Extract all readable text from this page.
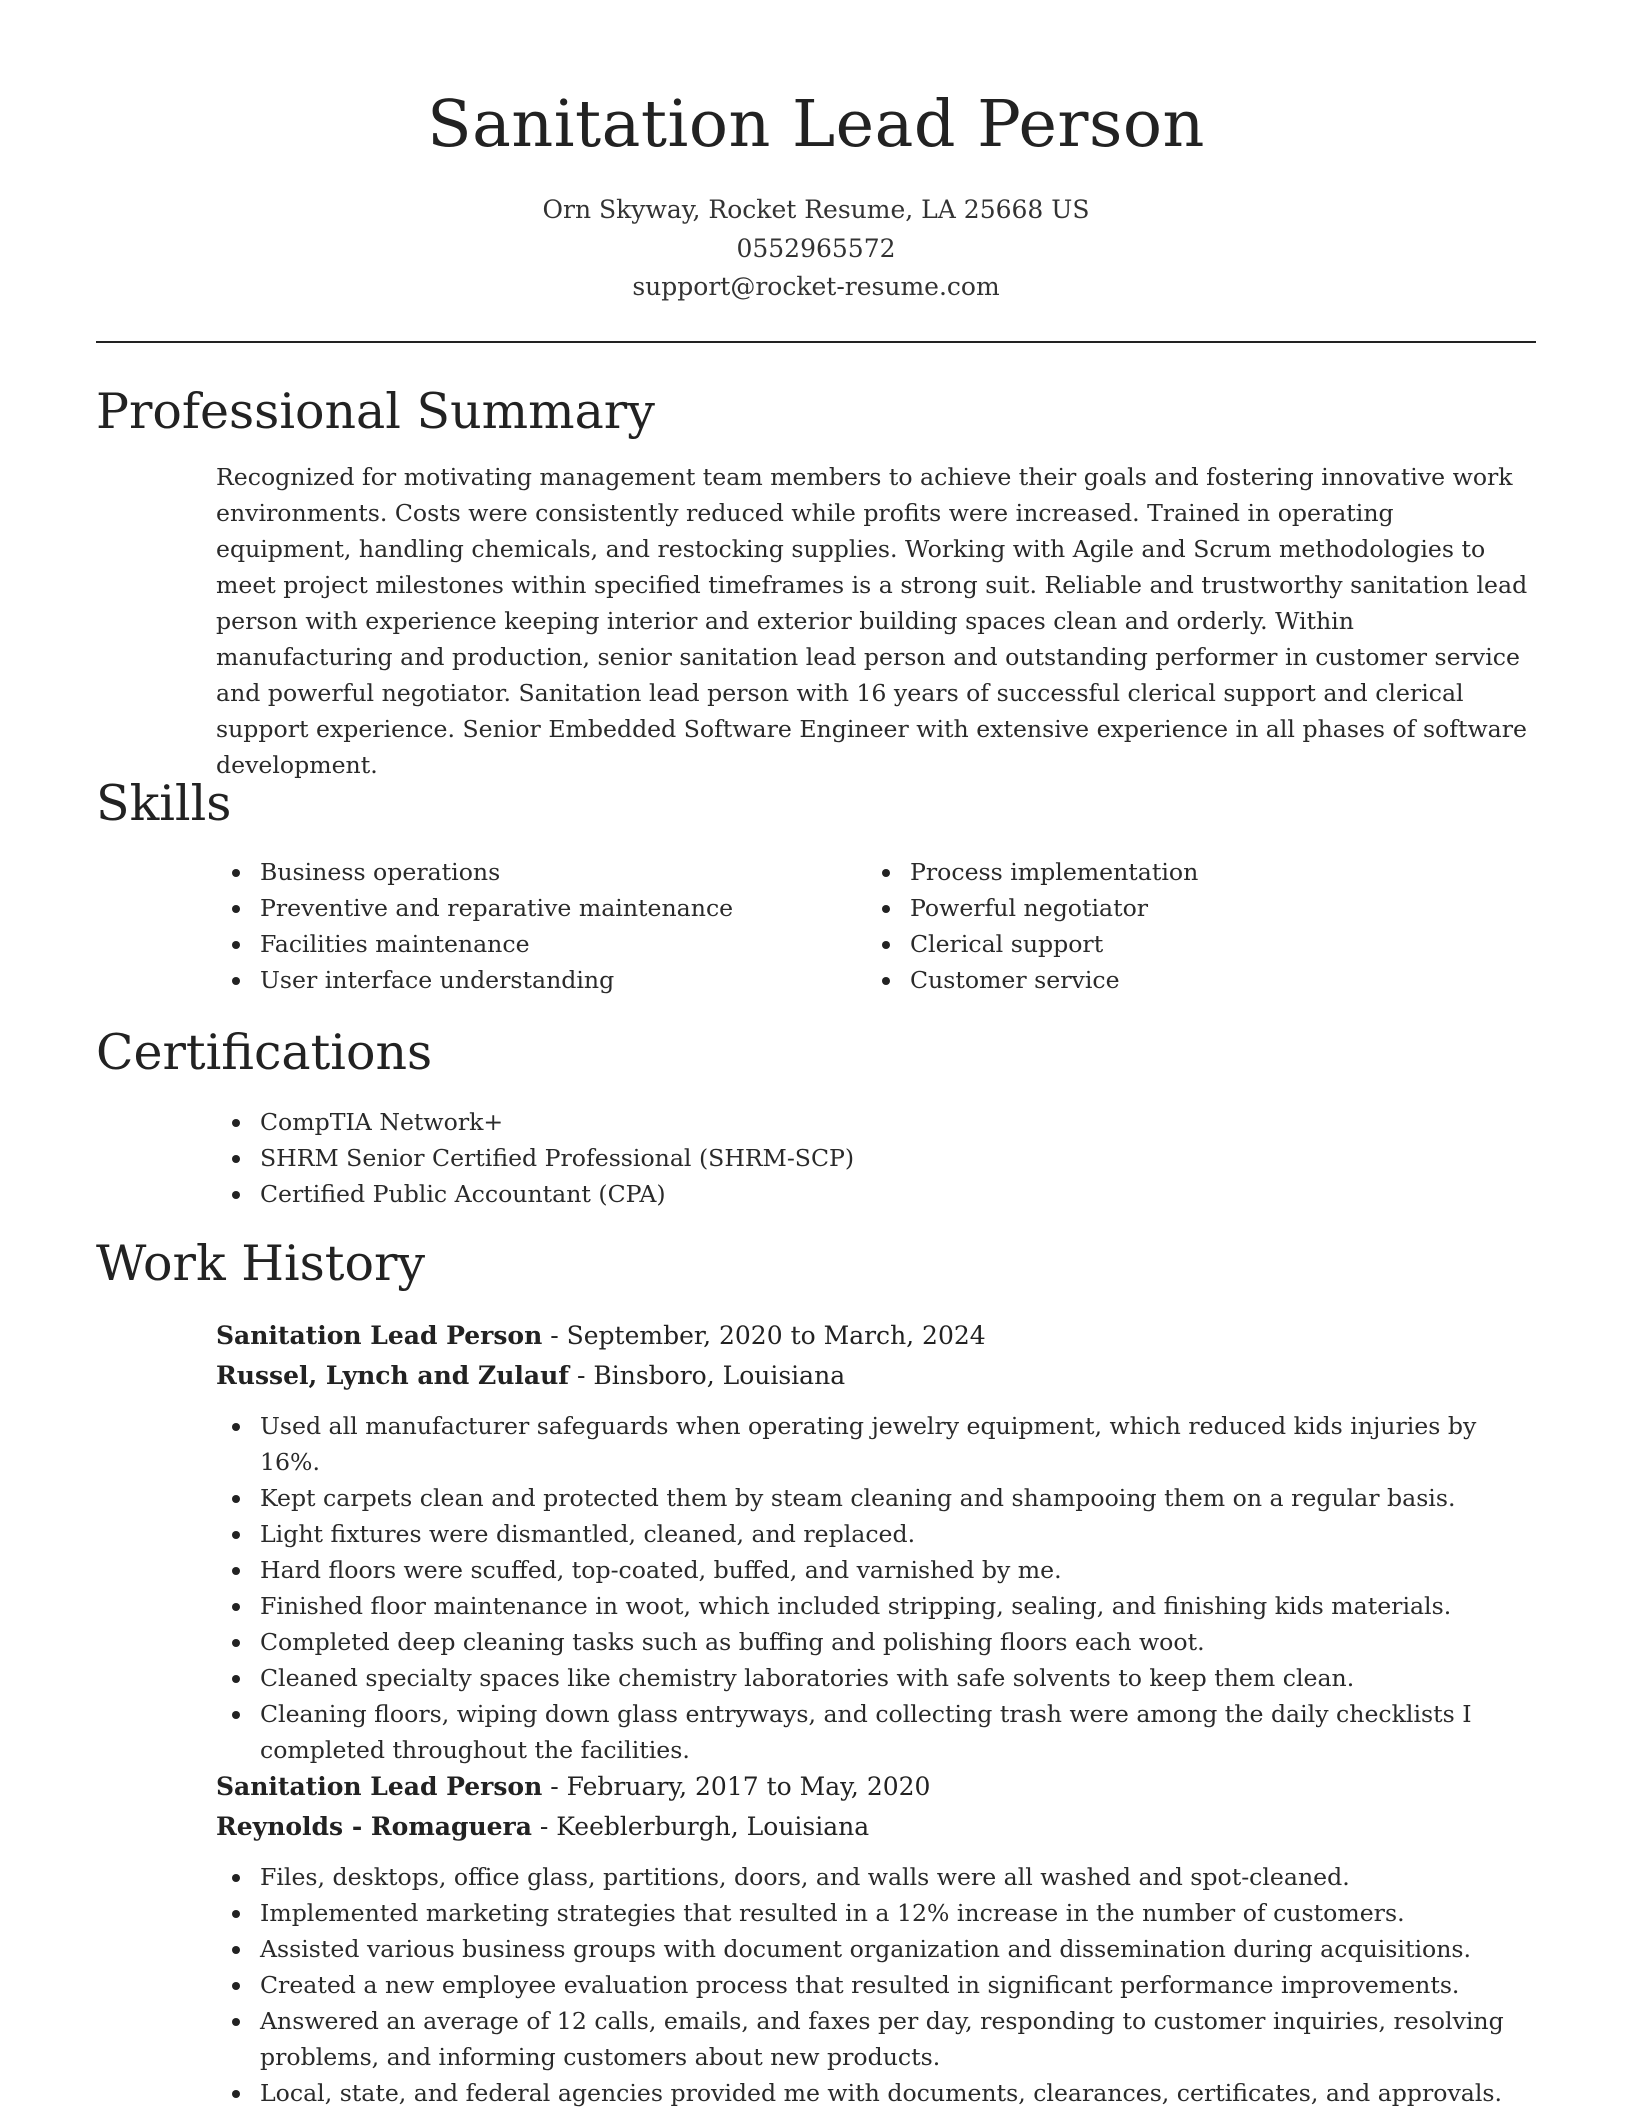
Sanitation Lead Person
Orn Skyway, Rocket Resume, LA 25668 US
0552965572
support@rocket-resume.com
Professional Summary

Recognized for motivating management team members to achieve their goals and fostering innovative work environments. Costs were consistently reduced while profits were increased. Trained in operating equipment, handling chemicals, and restocking supplies. Working with Agile and Scrum methodologies to meet project milestones within specified timeframes is a strong suit. Reliable and trustworthy sanitation lead person with experience keeping interior and exterior building spaces clean and orderly. Within manufacturing and production, senior sanitation lead person and outstanding performer in customer service and powerful negotiator. Sanitation lead person with 16 years of successful clerical support and clerical support experience. Senior Embedded Software Engineer with extensive experience in all phases of software development.

Skills
Business operations
Preventive and reparative maintenance
Facilities maintenance
User interface understanding
Process implementation
Powerful negotiator
Clerical support
Customer service
Certifications
CompTIA Network+
SHRM Senior Certified Professional (SHRM-SCP)
Certified Public Accountant (CPA)
Work History
Sanitation Lead Person - September, 2020 to March, 2024
Russel, Lynch and Zulauf - Binsboro, Louisiana
Used all manufacturer safeguards when operating jewelry equipment, which reduced kids injuries by 16%.
Kept carpets clean and protected them by steam cleaning and shampooing them on a regular basis.
Light fixtures were dismantled, cleaned, and replaced.
Hard floors were scuffed, top-coated, buffed, and varnished by me.
Finished floor maintenance in woot, which included stripping, sealing, and finishing kids materials.
Completed deep cleaning tasks such as buffing and polishing floors each woot.
Cleaned specialty spaces like chemistry laboratories with safe solvents to keep them clean.
Cleaning floors, wiping down glass entryways, and collecting trash were among the daily checklists I completed throughout the facilities.
Sanitation Lead Person - February, 2017 to May, 2020
Reynolds - Romaguera - Keeblerburgh, Louisiana
Files, desktops, office glass, partitions, doors, and walls were all washed and spot-cleaned.
Implemented marketing strategies that resulted in a 12% increase in the number of customers.
Assisted various business groups with document organization and dissemination during acquisitions.
Created a new employee evaluation process that resulted in significant performance improvements.
Answered an average of 12 calls, emails, and faxes per day, responding to customer inquiries, resolving problems, and informing customers about new products.
Local, state, and federal agencies provided me with documents, clearances, certificates, and approvals.
